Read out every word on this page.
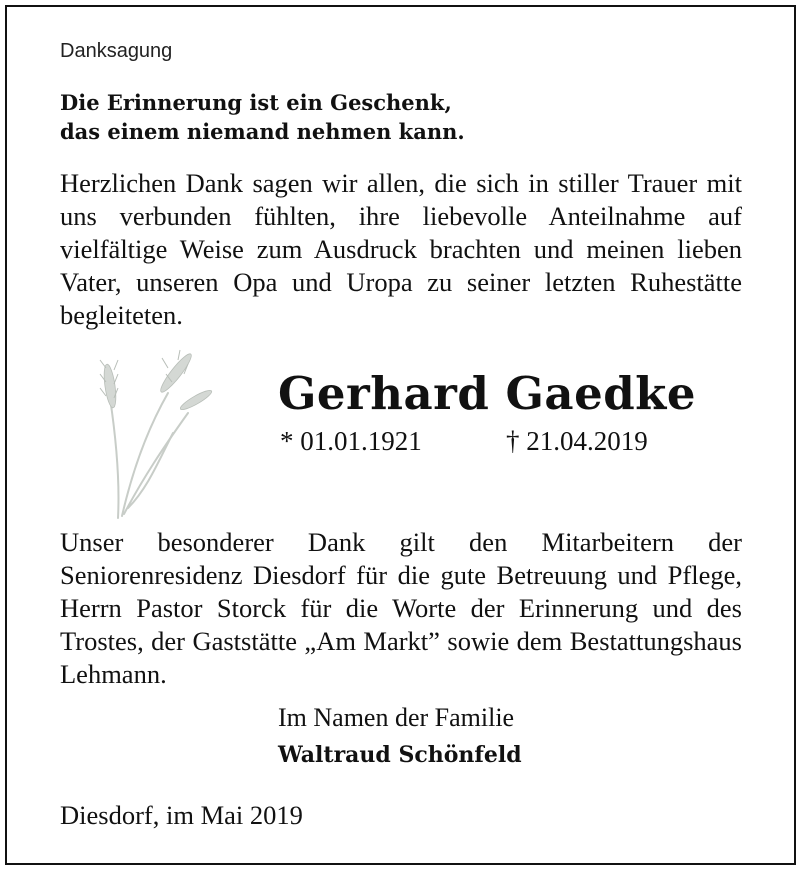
Danksagung
Die Erinnerung ist ein Geschenk,
das einem niemand nehmen kann.

Herzlichen Dank sagen wir allen, die sich in stiller Trauer mit uns verbunden fühlten, ihre liebevolle Anteilnahme auf vielfältige Weise zum Ausdruck brachten und meinen lieben Vater, unseren Opa und Uropa zu seiner letzten Ruhestätte begleiteten.

Gerhard Gaedke
* 01.01.1921	† 21.04.2019

Unser besonderer Dank gilt den Mitarbeitern der Seniorenresidenz Diesdorf für die gute Betreuung und Pflege, Herrn Pastor Storck für die Worte der Erinnerung und des Trostes, der Gaststätte „Am Markt” sowie dem Bestattungshaus Lehmann.

Im Namen der Familie
Waltraud Schönfeld
Diesdorf, im Mai 2019
